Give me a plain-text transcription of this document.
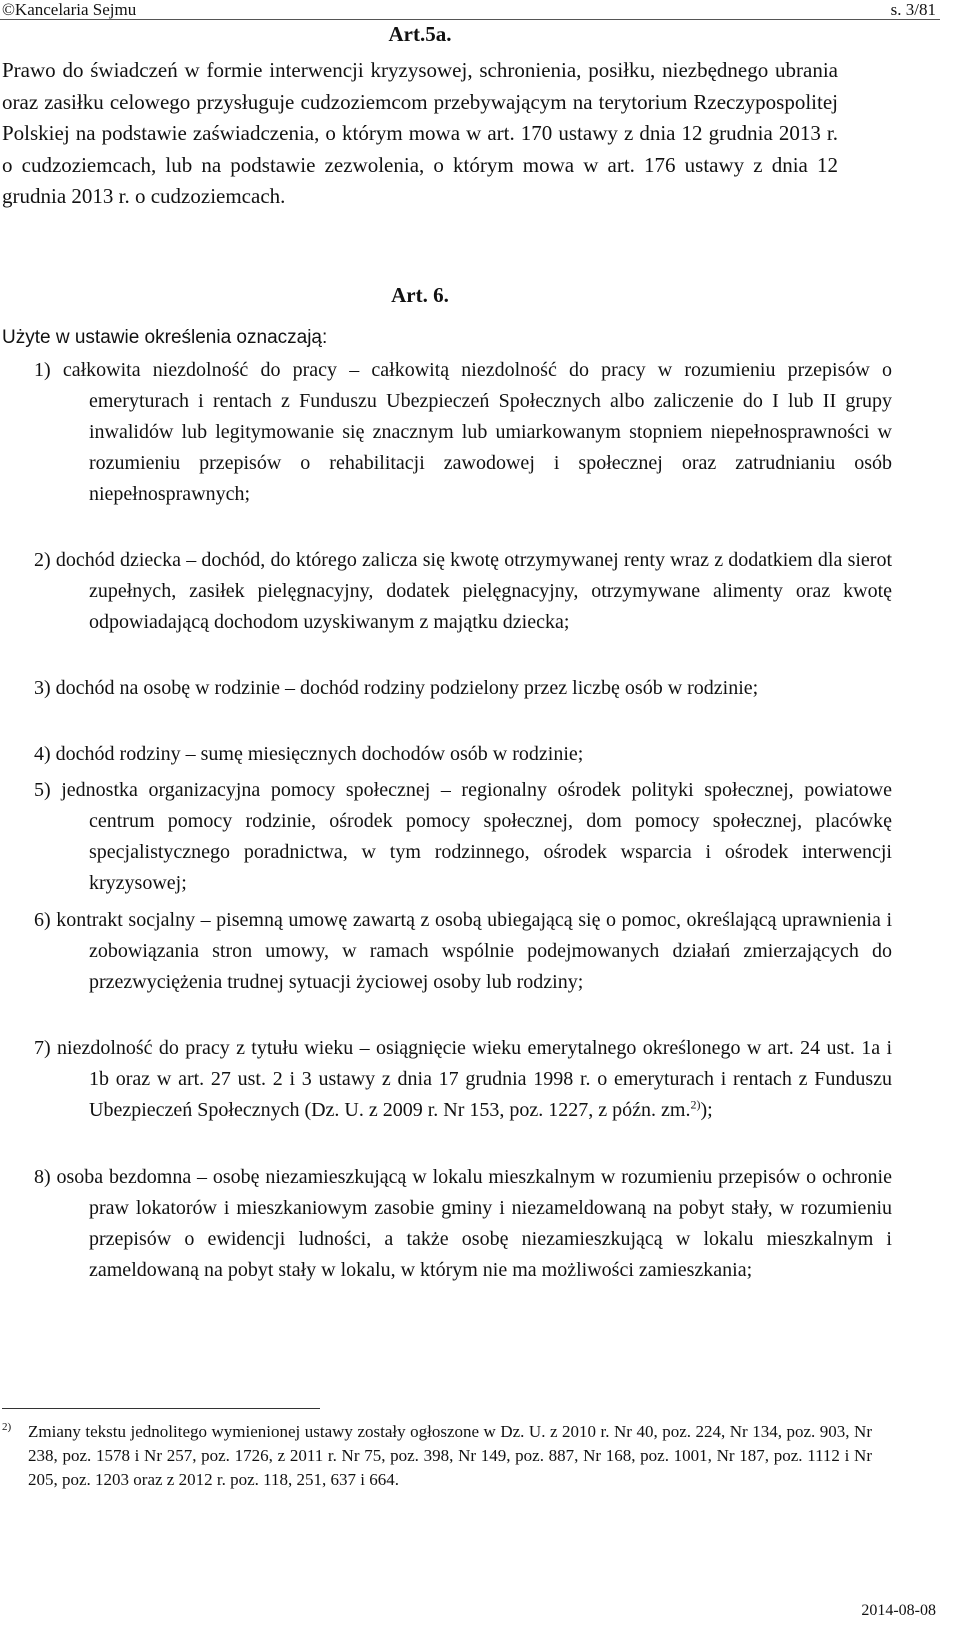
©Kancelaria Sejmu	s. 3/81
Art.5a.
Prawo do świadczeń w formie interwencji kryzysowej, schronienia, posiłku, niezbędnego ubrania oraz zasiłku celowego przysługuje cudzoziemcom przebywającym na terytorium Rzeczypospolitej Polskiej na podstawie zaświadczenia, o którym mowa w art. 170 ustawy z dnia 12 grudnia 2013 r. o cudzoziemcach, lub na podstawie zezwolenia, o którym mowa w art. 176 ustawy z dnia 12 grudnia 2013 r. o cudzoziemcach.
Art. 6.
Użyte w ustawie określenia oznaczają:
1) całkowita niezdolność do pracy – całkowitą niezdolność do pracy w rozumieniu przepisów o emeryturach i rentach z Funduszu Ubezpieczeń Społecznych albo zaliczenie do I lub II grupy inwalidów lub legitymowanie się znacznym lub umiarkowanym stopniem niepełnosprawności w rozumieniu przepisów o rehabilitacji zawodowej i społecznej oraz zatrudnianiu osób niepełnosprawnych;
2) dochód dziecka – dochód, do którego zalicza się kwotę otrzymywanej renty wraz z dodatkiem dla sierot zupełnych, zasiłek pielęgnacyjny, dodatek pielęgnacyjny, otrzymywane alimenty oraz kwotę odpowiadającą dochodom uzyskiwanym z majątku dziecka;
3) dochód na osobę w rodzinie – dochód rodziny podzielony przez liczbę osób w rodzinie;
4) dochód rodziny – sumę miesięcznych dochodów osób w rodzinie;
5) jednostka organizacyjna pomocy społecznej – regionalny ośrodek polityki społecznej, powiatowe centrum pomocy rodzinie, ośrodek pomocy społecznej, dom pomocy społecznej, placówkę specjalistycznego poradnictwa, w tym rodzinnego, ośrodek wsparcia i ośrodek interwencji kryzysowej;
6) kontrakt socjalny – pisemną umowę zawartą z osobą ubiegającą się o pomoc, określającą uprawnienia i zobowiązania stron umowy, w ramach wspólnie podejmowanych działań zmierzających do przezwyciężenia trudnej sytuacji życiowej osoby lub rodziny;
7) niezdolność do pracy z tytułu wieku – osiągnięcie wieku emerytalnego określonego w art. 24 ust. 1a i 1b oraz w art. 27 ust. 2 i 3 ustawy z dnia 17 grudnia 1998 r. o emeryturach i rentach z Funduszu Ubezpieczeń Społecznych (Dz. U. z 2009 r. Nr 153, poz. 1227, z późn. zm.$^{2)}$);
8) osoba bezdomna – osobę niezamieszkującą w lokalu mieszkalnym w rozumieniu przepisów o ochronie praw lokatorów i mieszkaniowym zasobie gminy i niezameldowaną na pobyt stały, w rozumieniu przepisów o ewidencji ludności, a także osobę niezamieszkującą w lokalu mieszkalnym i zameldowaną na pobyt stały w lokalu, w którym nie ma możliwości zamieszkania;
2) Zmiany tekstu jednolitego wymienionej ustawy zostały ogłoszone w Dz. U. z 2010 r. Nr 40, poz. 224, Nr 134, poz. 903, Nr 238, poz. 1578 i Nr 257, poz. 1726, z 2011 r. Nr 75, poz. 398, Nr 149, poz. 887, Nr 168, poz. 1001, Nr 187, poz. 1112 i Nr 205, poz. 1203 oraz z 2012 r. poz. 118, 251, 637 i 664.
2014-08-08
